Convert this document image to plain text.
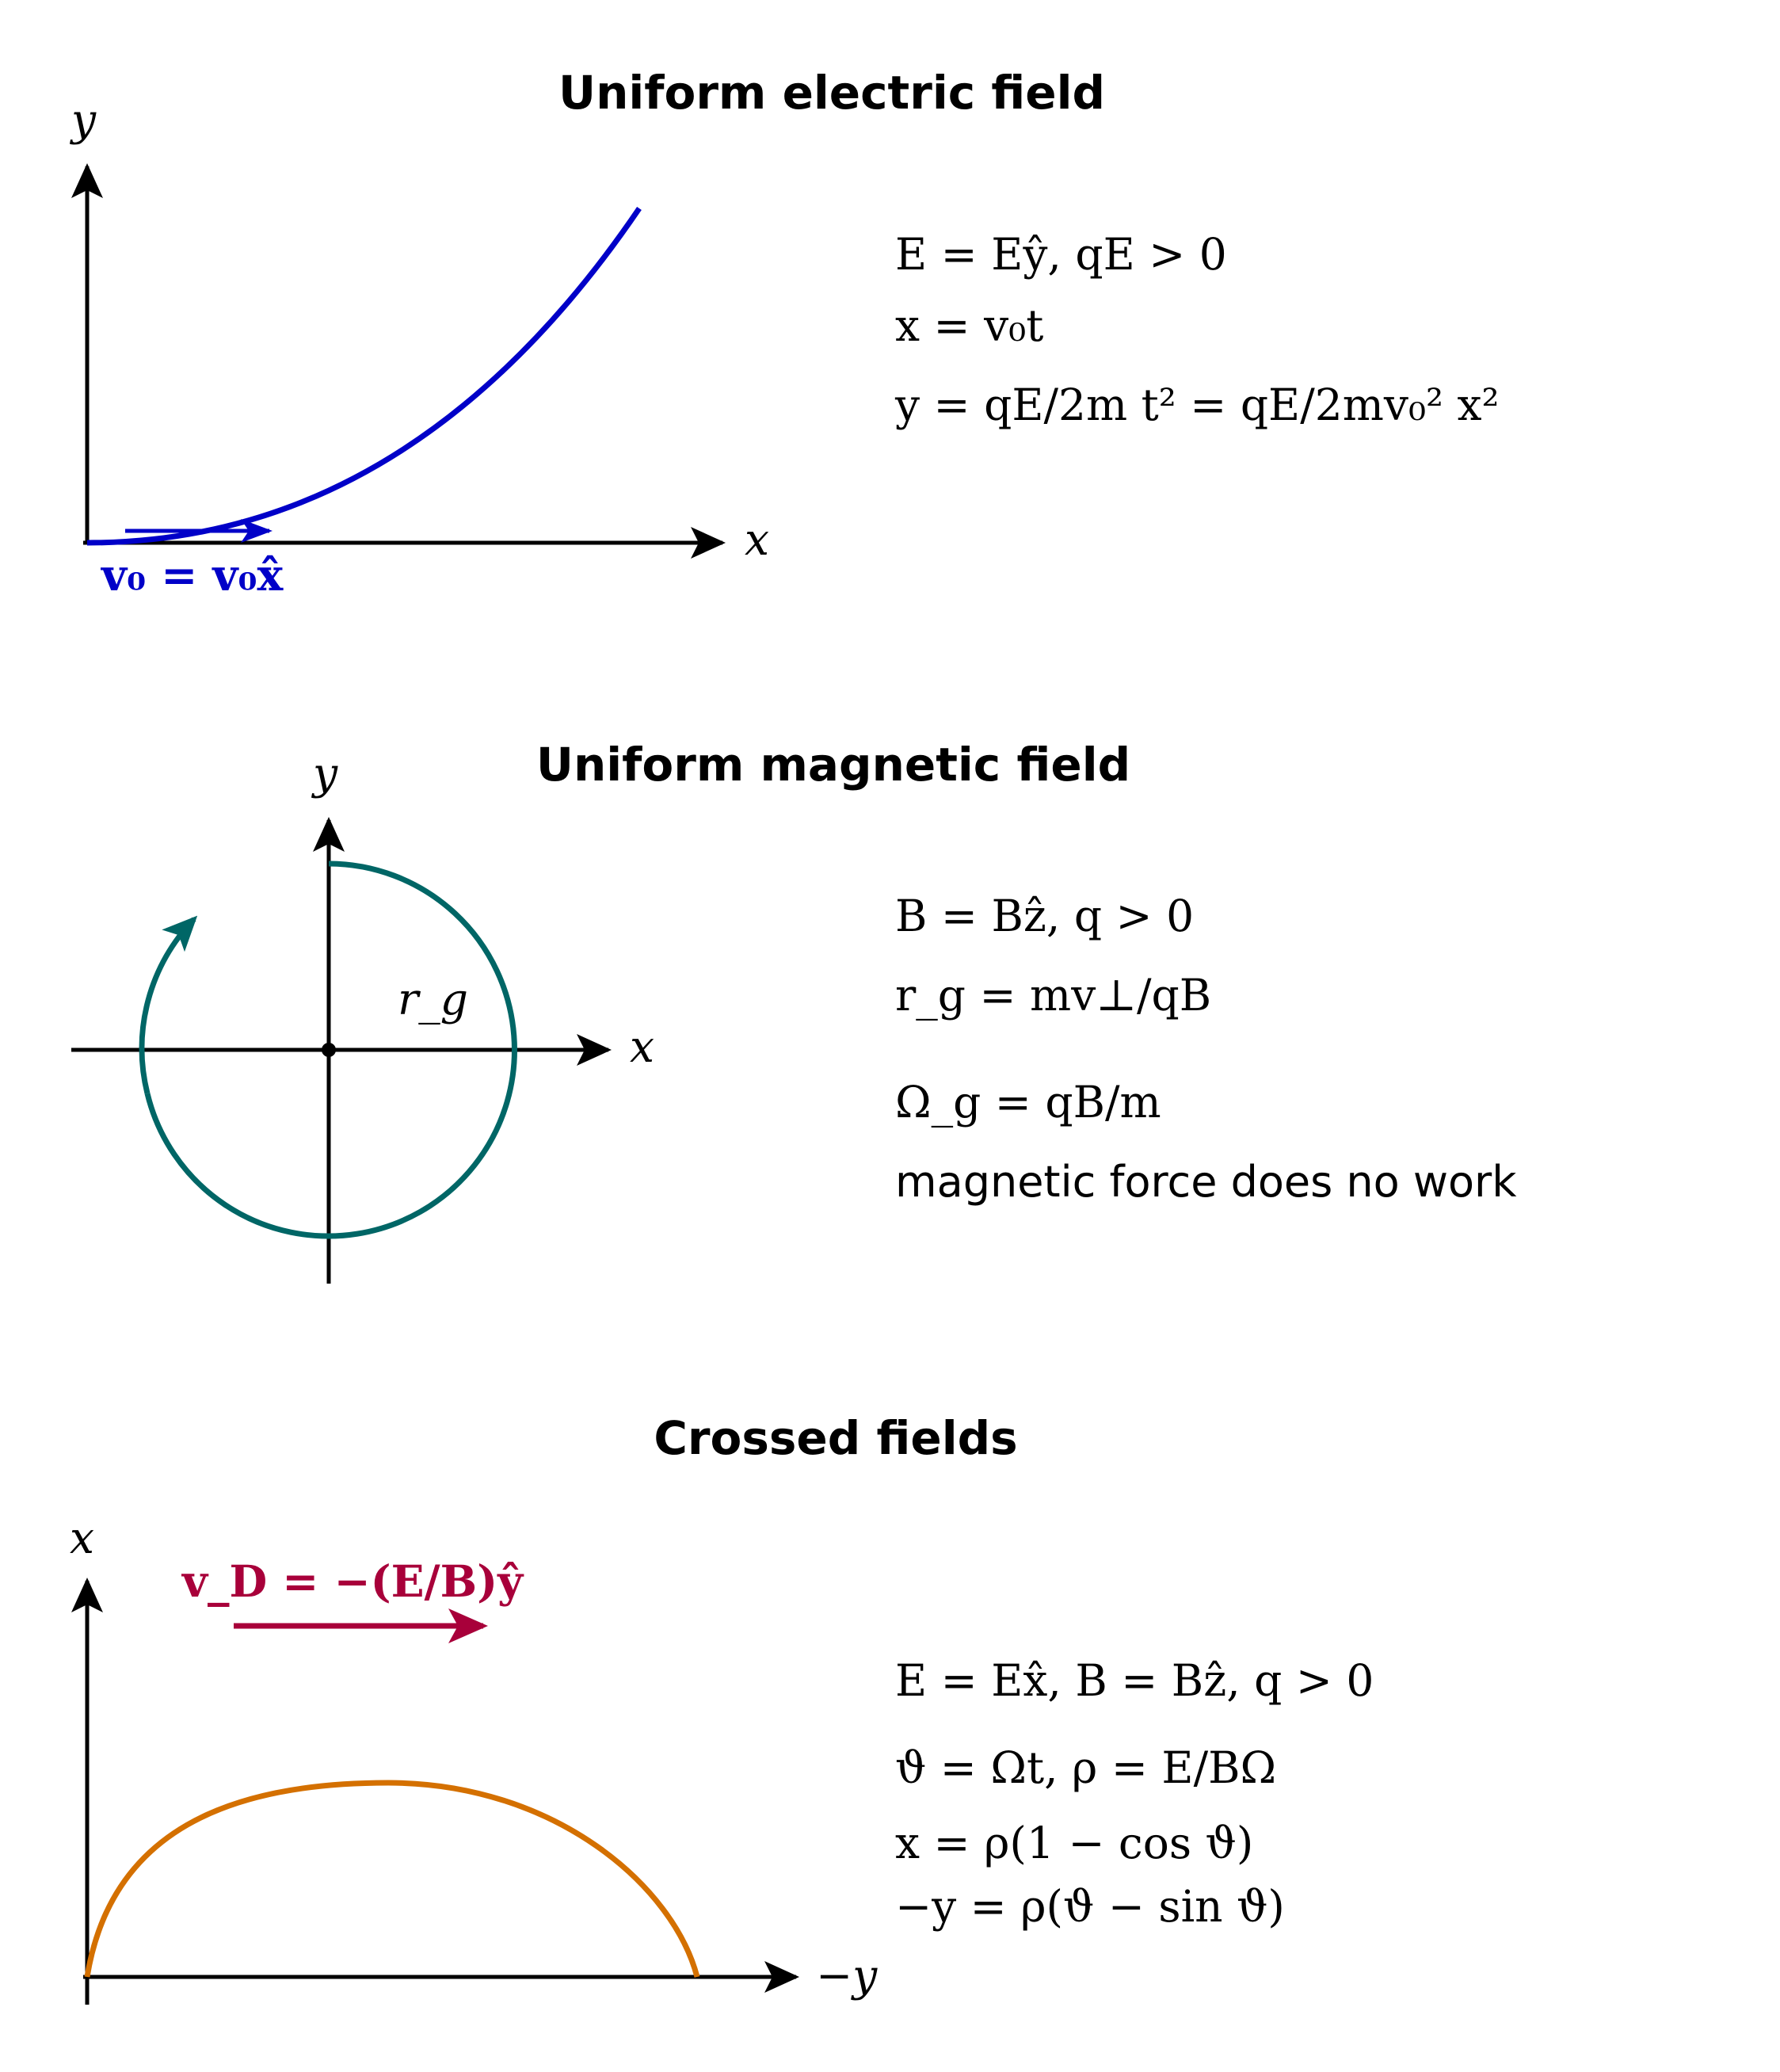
Uniform electric field
y
x
v₀ = v₀x̂
E = Eŷ, qE > 0
x = v₀t
y = qE/2m t² = qE/2mv₀² x²
Uniform magnetic field
y
x
r_g
B = Bẑ, q > 0
r_g = mv⊥/qB
Ω_g = qB/m
magnetic force does no work
Crossed fields
x
−y
v_D = −(E/B)ŷ
E = Ex̂, B = Bẑ, q > 0
ϑ = Ωt, ρ = E/BΩ
x = ρ(1 − cos ϑ)
−y = ρ(ϑ − sin ϑ)
